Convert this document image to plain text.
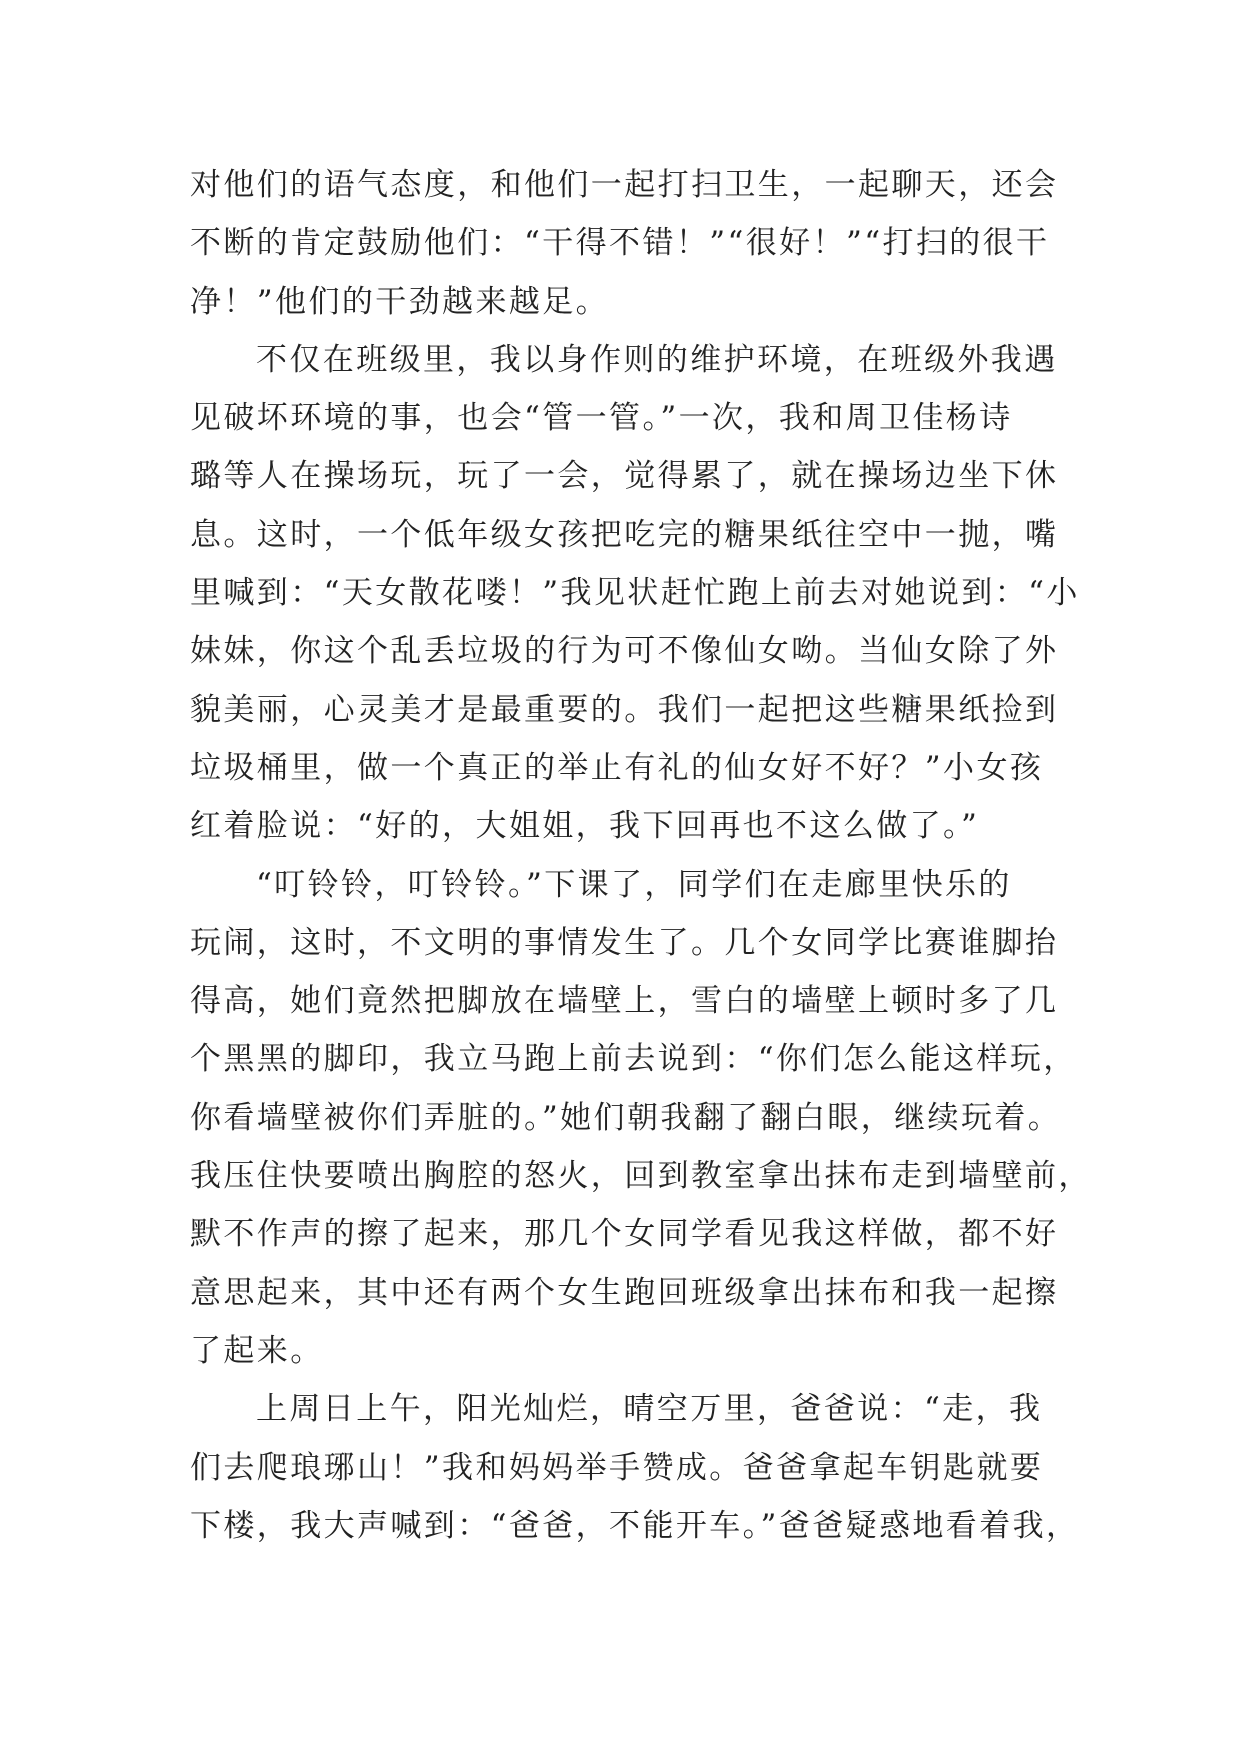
对他们的语气态度，和他们一起打扫卫生，一起聊天，还会
不断的肯定鼓励他们：“干得不错！”“很好！”“打扫的很干
净！”他们的干劲越来越足。
不仅在班级里，我以身作则的维护环境，在班级外我遇
见破坏环境的事，也会“管一管。”一次，我和周卫佳杨诗
璐等人在操场玩，玩了一会，觉得累了，就在操场边坐下休
息。这时，一个低年级女孩把吃完的糖果纸往空中一抛，嘴
里喊到：“天女散花喽！”我见状赶忙跑上前去对她说到：“小
妹妹，你这个乱丢垃圾的行为可不像仙女呦。当仙女除了外
貌美丽，心灵美才是最重要的。我们一起把这些糖果纸捡到
垃圾桶里，做一个真正的举止有礼的仙女好不好？”小女孩
红着脸说：“好的，大姐姐，我下回再也不这么做了。”
“叮铃铃，叮铃铃。”下课了，同学们在走廊里快乐的
玩闹，这时，不文明的事情发生了。几个女同学比赛谁脚抬
得高，她们竟然把脚放在墙壁上，雪白的墙壁上顿时多了几
个黑黑的脚印，我立马跑上前去说到：“你们怎么能这样玩，
你看墙壁被你们弄脏的。”她们朝我翻了翻白眼，继续玩着。
我压住快要喷出胸腔的怒火，回到教室拿出抹布走到墙壁前，
默不作声的擦了起来，那几个女同学看见我这样做，都不好
意思起来，其中还有两个女生跑回班级拿出抹布和我一起擦
了起来。
上周日上午，阳光灿烂，晴空万里，爸爸说：“走，我
们去爬琅琊山！”我和妈妈举手赞成。爸爸拿起车钥匙就要
下楼，我大声喊到：“爸爸，不能开车。”爸爸疑惑地看着我，
